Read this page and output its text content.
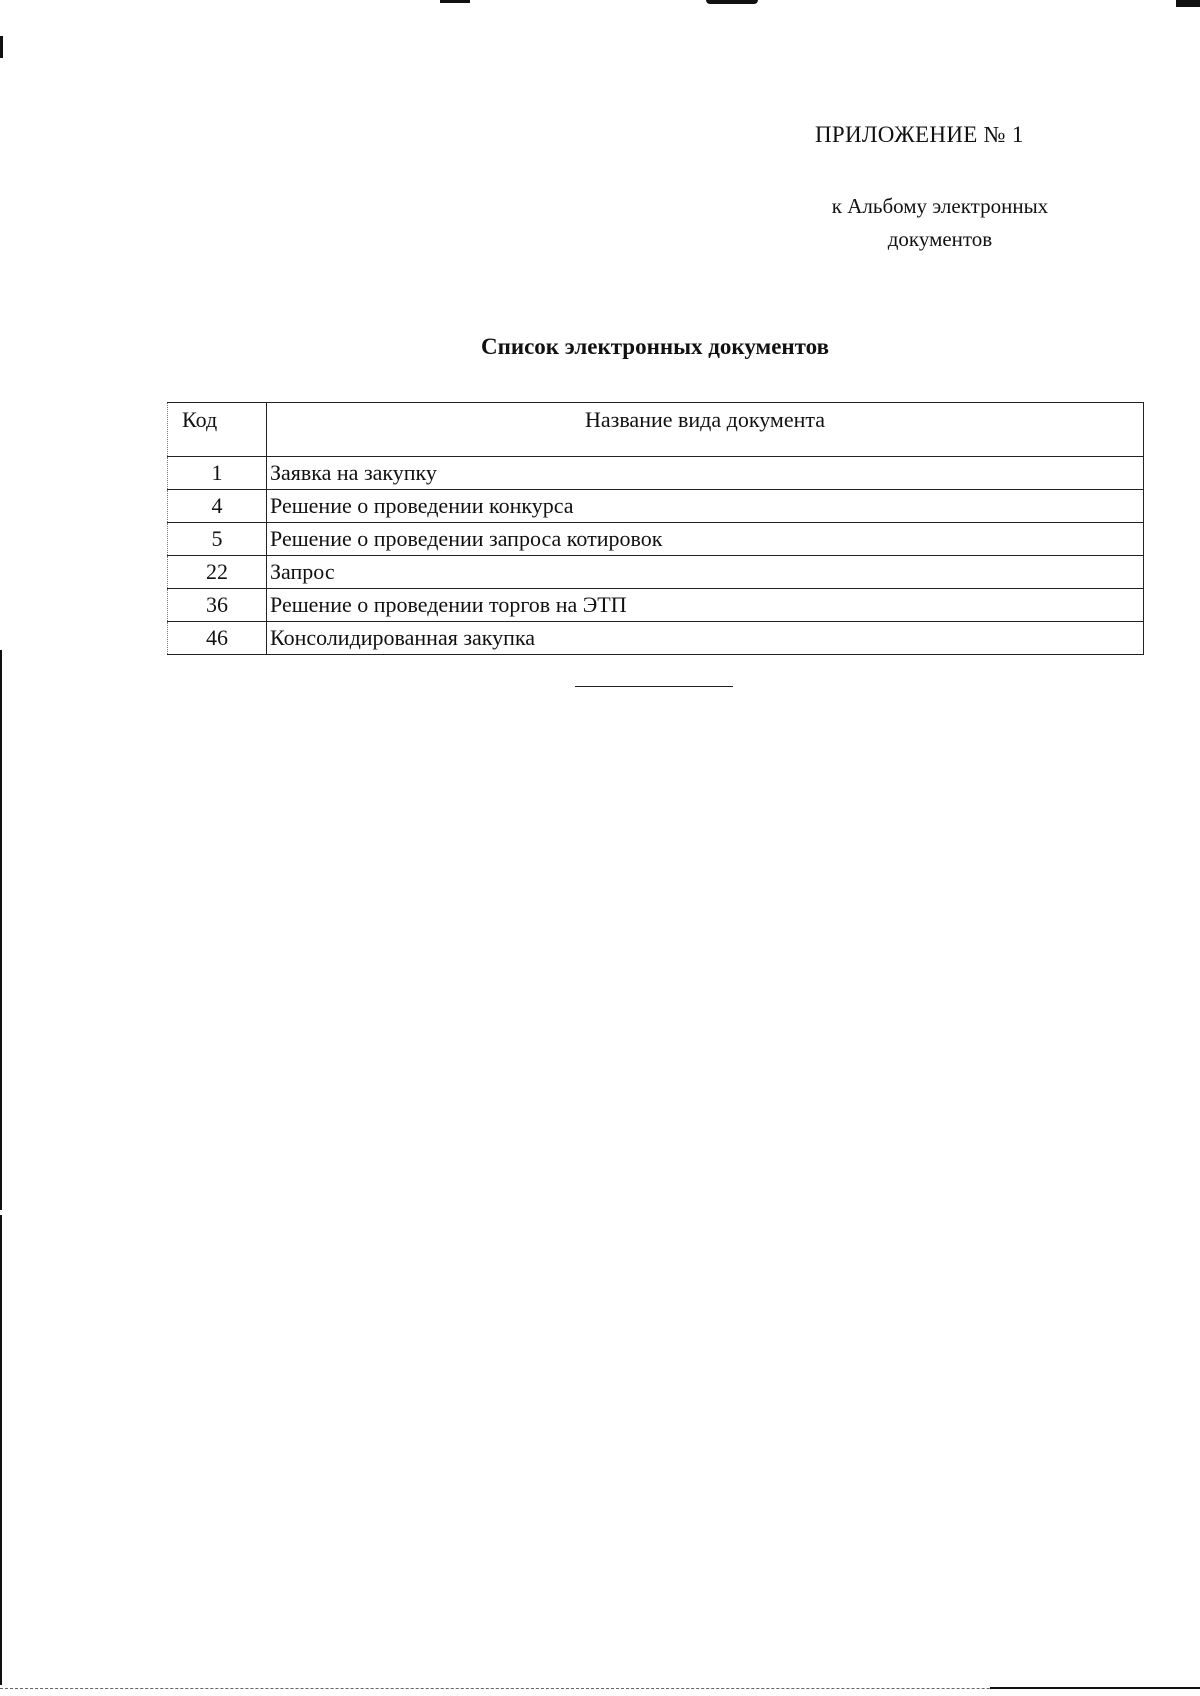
ПРИЛОЖЕНИЕ № 1
к Альбому электронных
документов
Список электронных документов
Код	Название вида документа
1	Заявка на закупку
4	Решение о проведении конкурса
5	Решение о проведении запроса котировок
22	Запрос
36	Решение о проведении торгов на ЭТП
46	Консолидированная закупка
